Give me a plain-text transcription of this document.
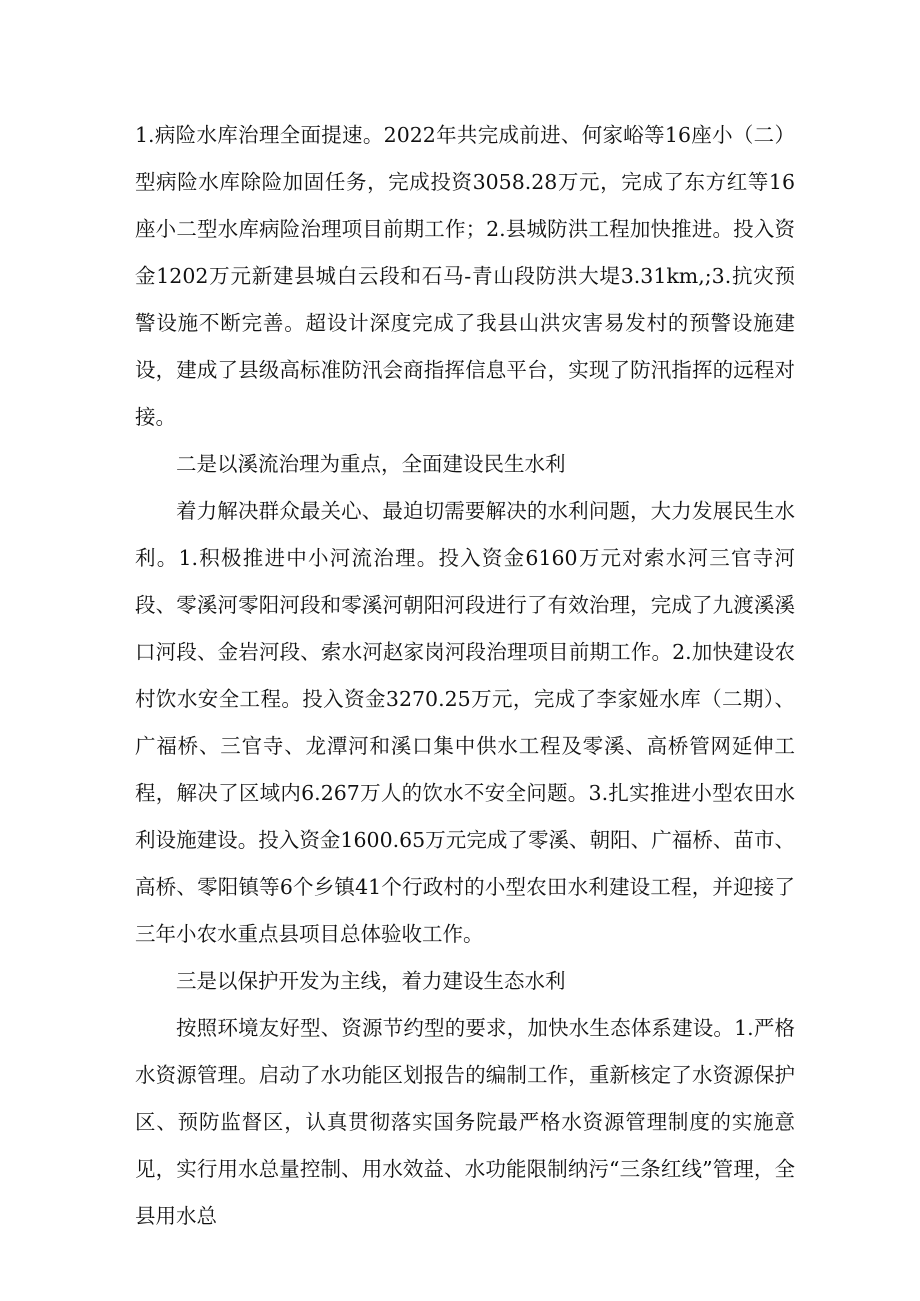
1.病险水库治理全面提速。2022年共完成前进、何家峪等16座小（二）型病险水库除险加固任务，完成投资3058.28万元，完成了东方红等16座小二型水库病险治理项目前期工作；2.县城防洪工程加快推进。投入资金1202万元新建县城白云段和石马-青山段防洪大堤3.31km,;3.抗灾预警设施不断完善。超设计深度完成了我县山洪灾害易发村的预警设施建设，建成了县级高标准防汛会商指挥信息平台，实现了防汛指挥的远程对接。

二是以溪流治理为重点，全面建设民生水利

着力解决群众最关心、最迫切需要解决的水利问题，大力发展民生水利。1.积极推进中小河流治理。投入资金6160万元对索水河三官寺河段、零溪河零阳河段和零溪河朝阳河段进行了有效治理，完成了九渡溪溪口河段、金岩河段、索水河赵家岗河段治理项目前期工作。2.加快建设农村饮水安全工程。投入资金3270.25万元，完成了李家娅水库（二期）、广福桥、三官寺、龙潭河和溪口集中供水工程及零溪、高桥管网延伸工程，解决了区域内6.267万人的饮水不安全问题。3.扎实推进小型农田水利设施建设。投入资金1600.65万元完成了零溪、朝阳、广福桥、苗市、高桥、零阳镇等6个乡镇41个行政村的小型农田水利建设工程，并迎接了三年小农水重点县项目总体验收工作。

三是以保护开发为主线，着力建设生态水利

按照环境友好型、资源节约型的要求，加快水生态体系建设。1.严格水资源管理。启动了水功能区划报告的编制工作，重新核定了水资源保护区、预防监督区，认真贯彻落实国务院最严格水资源管理制度的实施意见，实行用水总量控制、用水效益、水功能限制纳污“三条红线”管理，全县用水总
